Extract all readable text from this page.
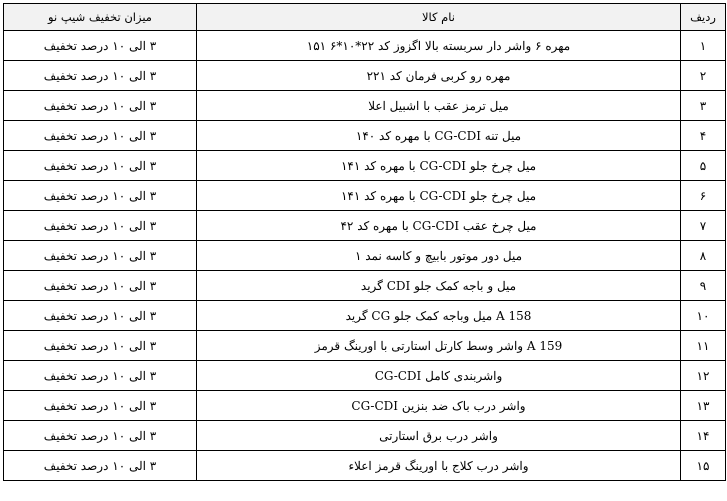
ردیف	نام کالا	میزان تخفیف شیپ نو
۱	مهره ۶ واشر دار سربسته بالا اگزوز کد ۲۲*۱۰*۶ ۱۵۱	۳ الی ۱۰ درصد تخفیف
۲	مهره رو کربی فرمان کد ۲۲۱	۳ الی ۱۰ درصد تخفیف
۳	میل ترمز عقب با اشبیل اعلا	۳ الی ۱۰ درصد تخفیف
۴	میل تنه CG-CDI با مهره کد ۱۴۰	۳ الی ۱۰ درصد تخفیف
۵	میل چرخ جلو CG-CDI با مهره کد ۱۴۱	۳ الی ۱۰ درصد تخفیف
۶	میل چرخ جلو CG-CDI با مهره کد ۱۴۱	۳ الی ۱۰ درصد تخفیف
۷	میل چرخ عقب CG-CDI با مهره کد ۴۲	۳ الی ۱۰ درصد تخفیف
۸	میل دور موتور بابیچ و کاسه نمد ۱	۳ الی ۱۰ درصد تخفیف
۹	میل و باجه کمک جلو CDI گرید	۳ الی ۱۰ درصد تخفیف
۱۰	A 158 میل وباجه کمک جلو CG گرید	۳ الی ۱۰ درصد تخفیف
۱۱	A 159 واشر وسط کارتل استارتی با اورینگ قرمز	۳ الی ۱۰ درصد تخفیف
۱۲	واشربندی کامل CG-CDI	۳ الی ۱۰ درصد تخفیف
۱۳	واشر درب باک ضد بنزین CG-CDI	۳ الی ۱۰ درصد تخفیف
۱۴	واشر درب برق استارتی	۳ الی ۱۰ درصد تخفیف
۱۵	واشر درب کلاج با اورینگ قرمز اعلاء	۳ الی ۱۰ درصد تخفیف
